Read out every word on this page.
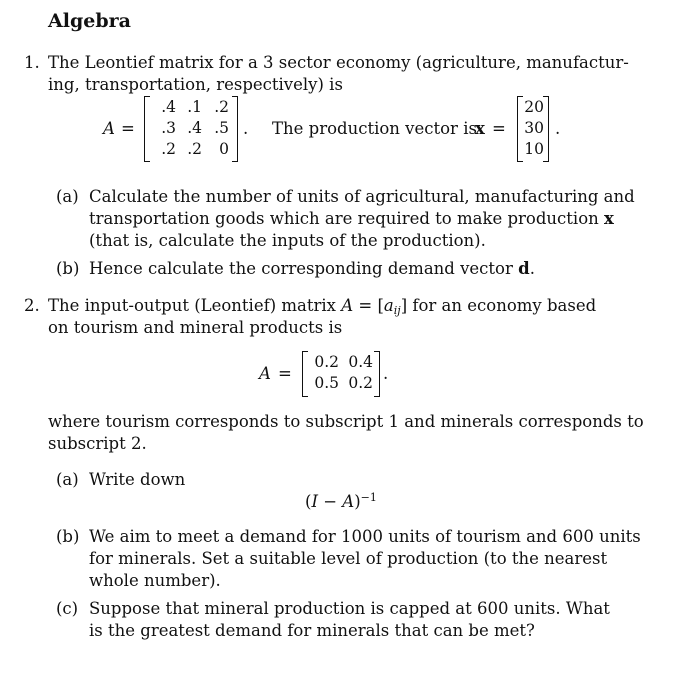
Algebra
1. The Leontief matrix for a 3 sector economy (agriculture, manufactur-
ing, transportation, respectively) is
A =
.4 .1 .2
.3 .4 .5
.2 .2	0
. The production vector is
x =
20
30
10
.
(a) Calculate the number of units of agricultural, manufacturing and
transportation goods which are required to make production x
(that is, calculate the inputs of the production).
(b) Hence calculate the corresponding demand vector d.
2. The input-output (Leontief) matrix $A = [a_{ij}]$ for an economy based
on tourism and mineral products is
A =
0.2 0.4
0.5 0.2 .
where tourism corresponds to subscript 1 and minerals corresponds to
subscript 2.
(a) Write down
$(I - A)^{-1}$
(b) We aim to meet a demand for 1000 units of tourism and 600 units
for minerals. Set a suitable level of production (to the nearest
whole number).
(c) Suppose that mineral production is capped at 600 units. What
is the greatest demand for minerals that can be met?
